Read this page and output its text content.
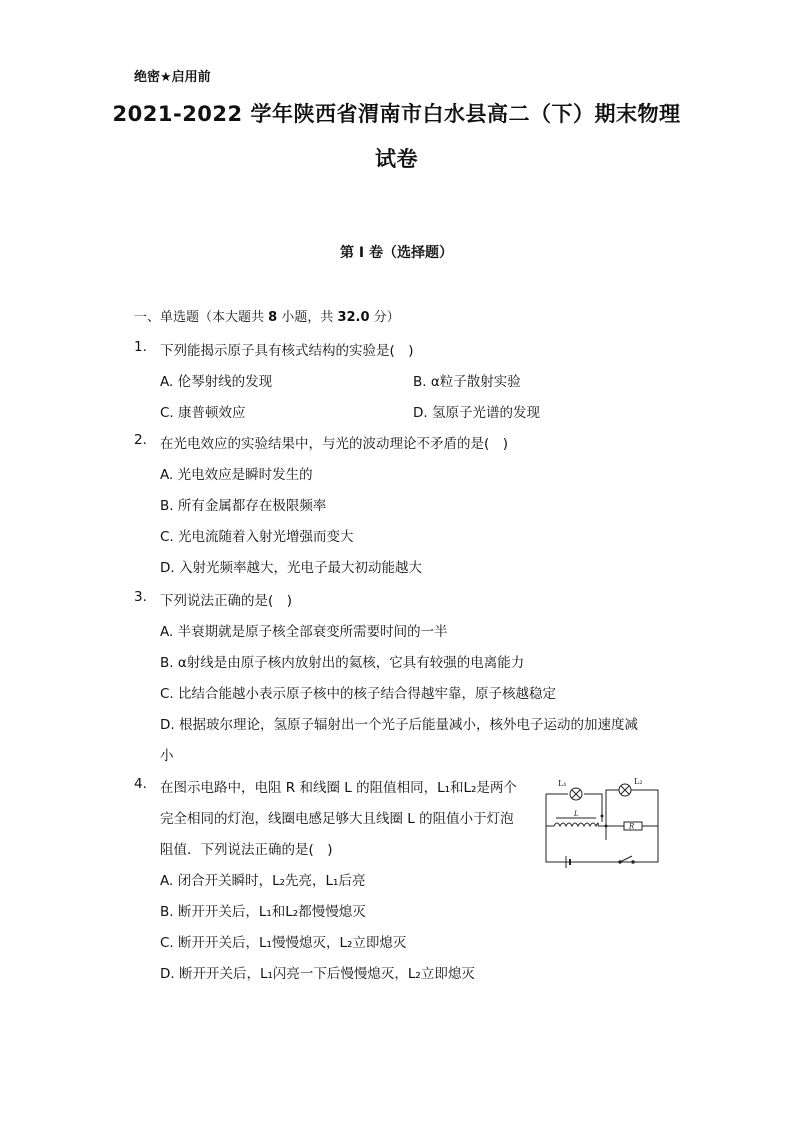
绝密★启用前
2021-2022 学年陕西省渭南市白水县高二（下）期末物理
试卷
第 I 卷（选择题）
一、单选题（本大题共 8 小题，共 32.0 分）
1. 下列能揭示原子具有核式结构的实验是(　)
A. 伦琴射线的发现	B. α粒子散射实验
C. 康普顿效应	D. 氢原子光谱的发现
2. 在光电效应的实验结果中，与光的波动理论不矛盾的是(　)
A. 光电效应是瞬时发生的
B. 所有金属都存在极限频率
C. 光电流随着入射光增强而变大
D. 入射光频率越大，光电子最大初动能越大
3. 下列说法正确的是(　)
A. 半衰期就是原子核全部衰变所需要时间的一半
B. α射线是由原子核内放射出的氦核，它具有较强的电离能力
C. 比结合能越小表示原子核中的核子结合得越牢靠，原子核越稳定
D. 根据玻尔理论，氢原子辐射出一个光子后能量减小，核外电子运动的加速度减
小
4. 在图示电路中，电阻 R 和线圈 L 的阻值相同，L₁和L₂是两个
完全相同的灯泡，线圈电感足够大且线圈 L 的阻值小于灯泡
阻值．下列说法正确的是(　)
A. 闭合开关瞬时，L₂先亮，L₁后亮
B. 断开开关后，L₁和L₂都慢慢熄灭
C. 断开开关后，L₁慢慢熄灭，L₂立即熄灭
D. 断开开关后，L₁闪亮一下后慢慢熄灭，L₂立即熄灭
L₁	L₂
L
R
